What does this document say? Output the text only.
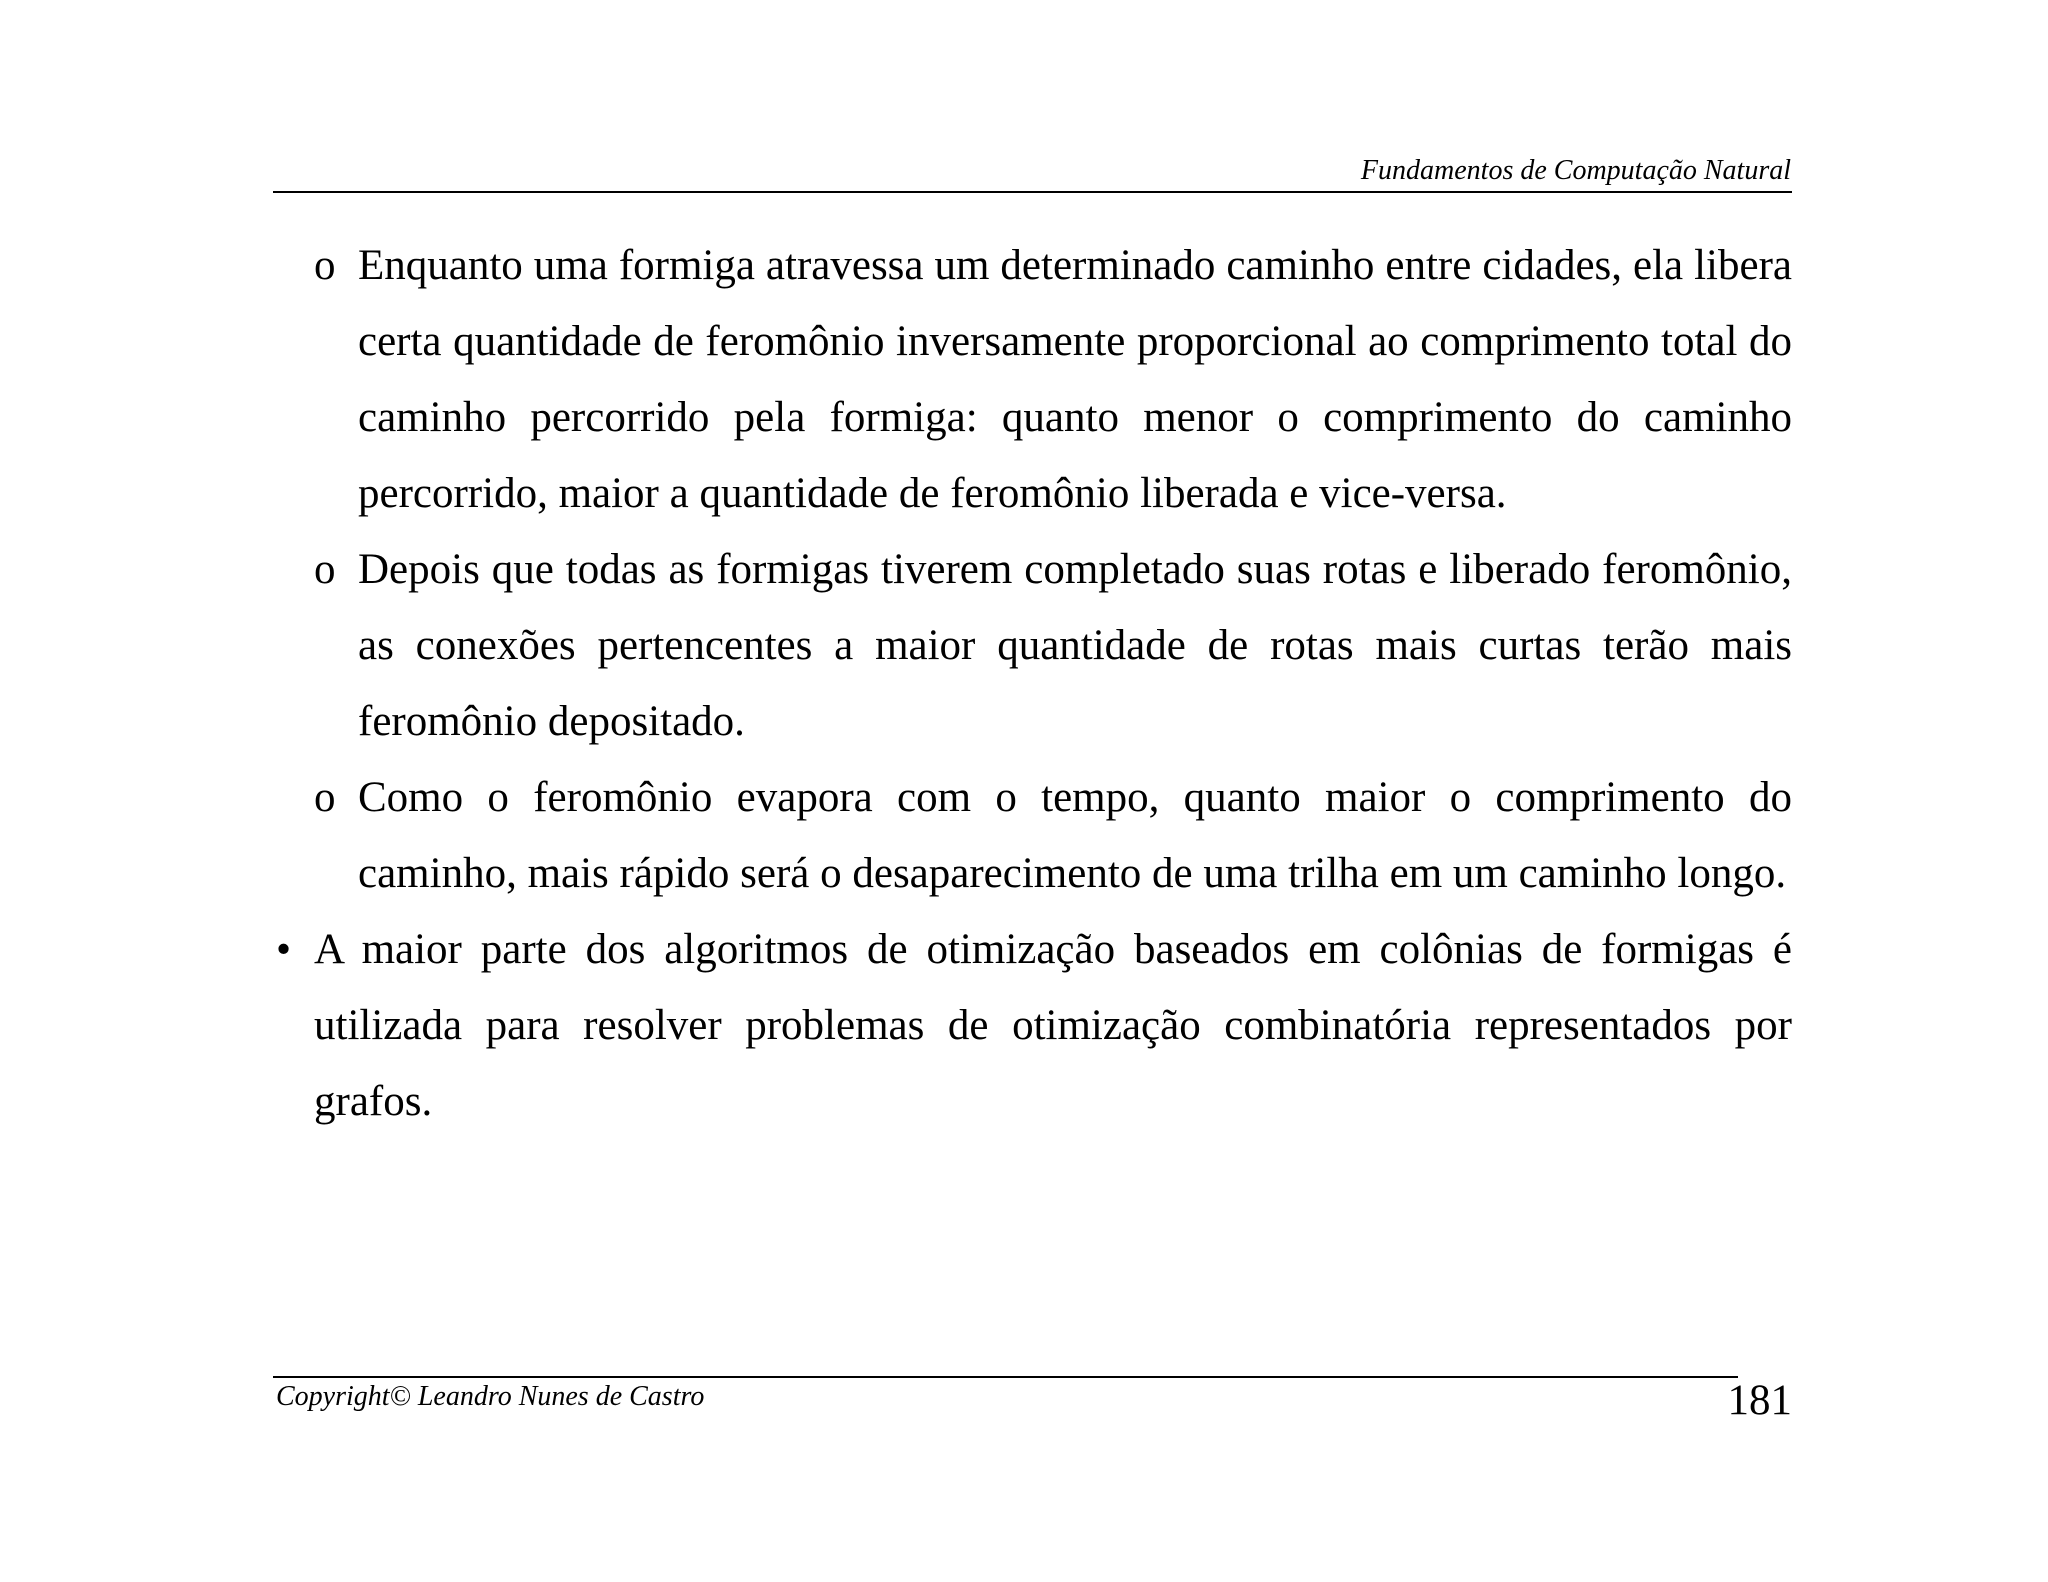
Fundamentos de Computação Natural
o Enquanto uma formiga atravessa um determinado caminho entre cidades, ela libera certa quantidade de feromônio inversamente proporcional ao comprimento total do caminho percorrido pela formiga: quanto menor o comprimento do caminho percorrido, maior a quantidade de feromônio liberada e vice-versa.
o Depois que todas as formigas tiverem completado suas rotas e liberado feromônio, as conexões pertencentes a maior quantidade de rotas mais curtas terão mais feromônio depositado.
o Como o feromônio evapora com o tempo, quanto maior o comprimento do caminho, mais rápido será o desaparecimento de uma trilha em um caminho longo.
• A maior parte dos algoritmos de otimização baseados em colônias de formigas é utilizada para resolver problemas de otimização combinatória representados por grafos.
Copyright© Leandro Nunes de Castro	181
